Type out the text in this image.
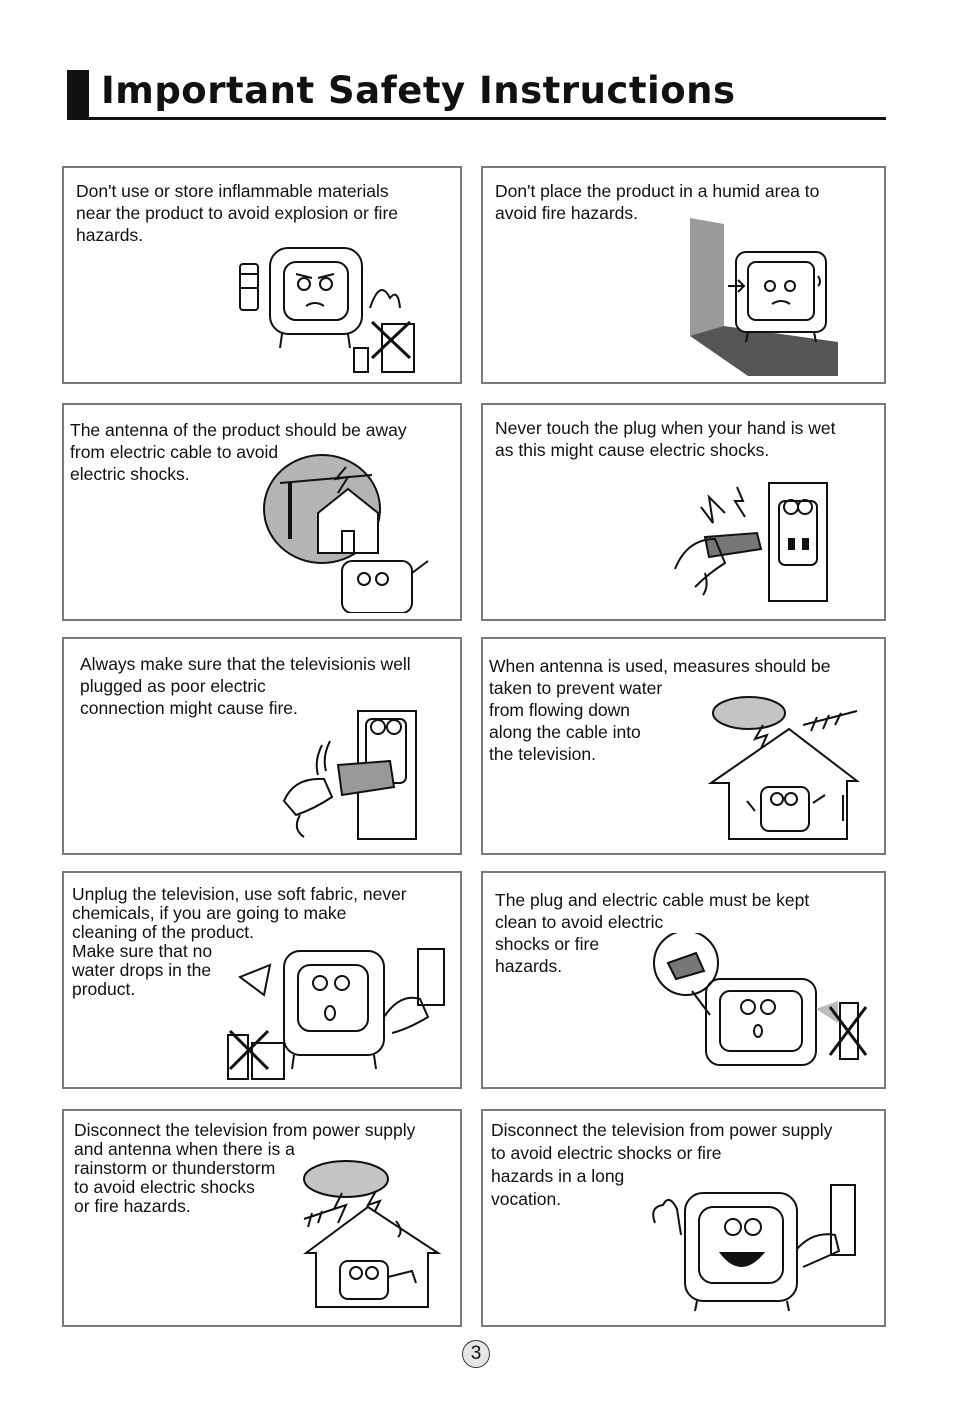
Important Safety Instructions
Don't use or store inflammable materials
near the product to avoid explosion or fire
hazards.
Don't place the product in a humid area to
avoid fire hazards.
The antenna of the product should be away
from electric cable to avoid
electric shocks.
Never touch the plug when your hand is wet
as this might cause electric shocks.
Always make sure that the televisionis well
plugged as poor electric
connection might cause fire.
When antenna is used, measures should be
taken to prevent water
from flowing down
along the cable into
the television.
Unplug the television, use soft fabric, never
chemicals, if you are going to make
cleaning of the product.
Make sure that no
water drops in the
product.
The plug and electric cable must be kept
clean to avoid electric
shocks or fire
hazards.
Disconnect the television from power supply
and antenna when there is a
rainstorm or thunderstorm
to avoid electric shocks
or fire hazards.
Disconnect the television from power supply
to avoid electric shocks or fire
hazards in a long
vocation.
3
